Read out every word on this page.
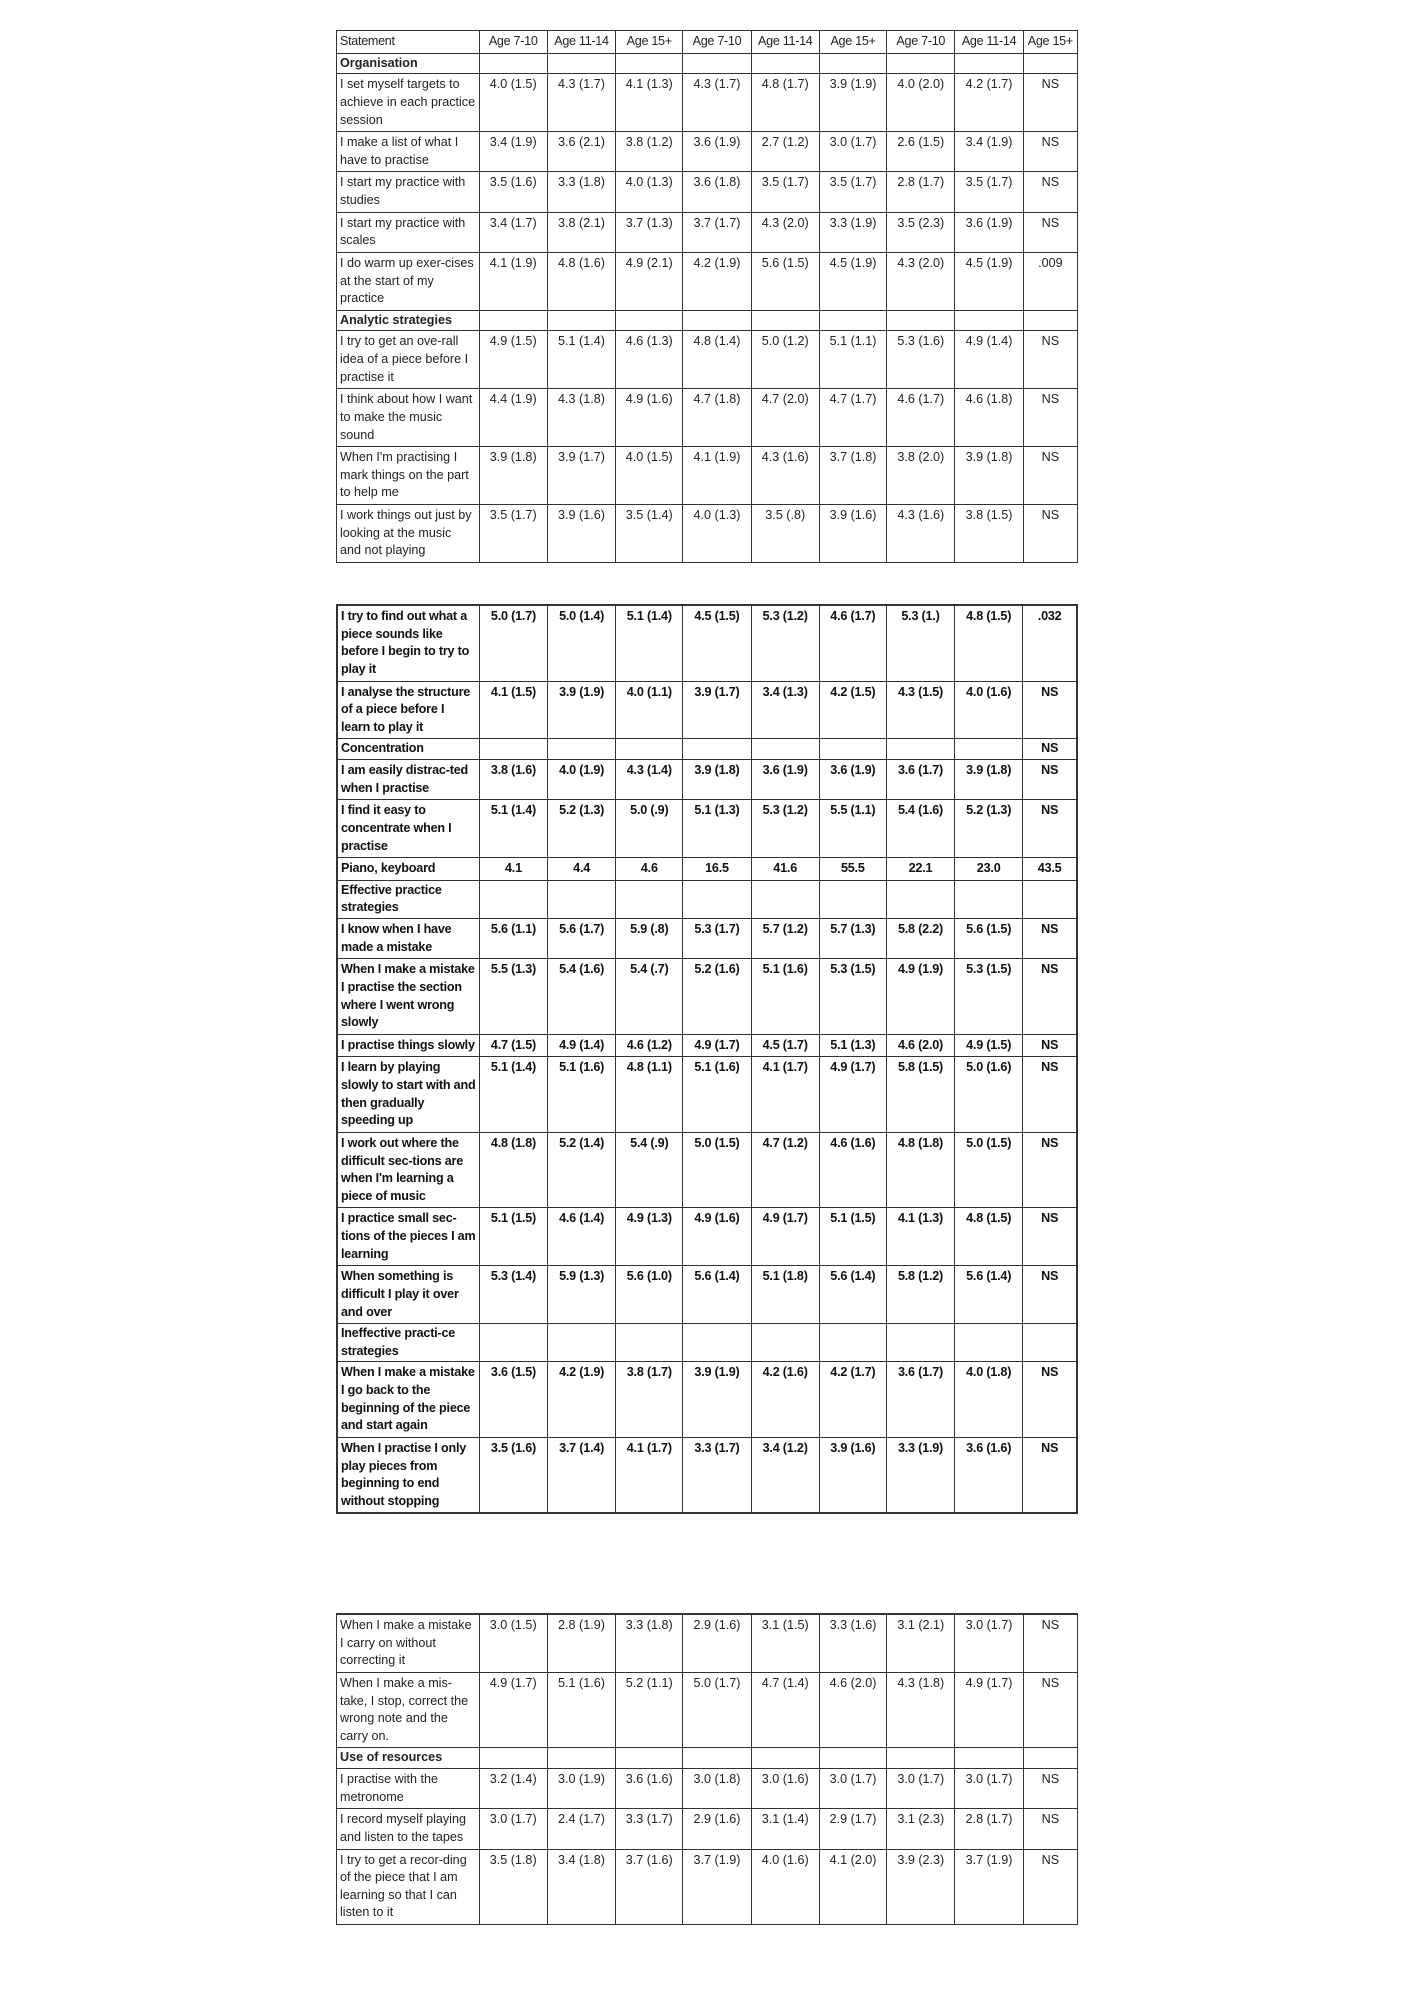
Statement	Age 7-10	Age 11-14	Age 15+	Age 7-10	Age 11-14	Age 15+	Age 7-10	Age 11-14	Age 15+
Organisation									
I set myself targets to achieve in each practice session	4.0 (1.5)	4.3 (1.7)	4.1 (1.3)	4.3 (1.7)	4.8 (1.7)	3.9 (1.9)	4.0 (2.0)	4.2 (1.7)	NS
I make a list of what I have to practise	3.4 (1.9)	3.6 (2.1)	3.8 (1.2)	3.6 (1.9)	2.7 (1.2)	3.0 (1.7)	2.6 (1.5)	3.4 (1.9)	NS
I start my practice with studies	3.5 (1.6)	3.3 (1.8)	4.0 (1.3)	3.6 (1.8)	3.5 (1.7)	3.5 (1.7)	2.8 (1.7)	3.5 (1.7)	NS
I start my practice with scales	3.4 (1.7)	3.8 (2.1)	3.7 (1.3)	3.7 (1.7)	4.3 (2.0)	3.3 (1.9)	3.5 (2.3)	3.6 (1.9)	NS
I do warm up exer-cises at the start of my practice	4.1 (1.9)	4.8 (1.6)	4.9 (2.1)	4.2 (1.9)	5.6 (1.5)	4.5 (1.9)	4.3 (2.0)	4.5 (1.9)	.009
Analytic strategies									
I try to get an ove-rall idea of a piece before I practise it	4.9 (1.5)	5.1 (1.4)	4.6 (1.3)	4.8 (1.4)	5.0 (1.2)	5.1 (1.1)	5.3 (1.6)	4.9 (1.4)	NS
I think about how I want to make the music sound	4.4 (1.9)	4.3 (1.8)	4.9 (1.6)	4.7 (1.8)	4.7 (2.0)	4.7 (1.7)	4.6 (1.7)	4.6 (1.8)	NS
When I'm practising I mark things on the part to help me	3.9 (1.8)	3.9 (1.7)	4.0 (1.5)	4.1 (1.9)	4.3 (1.6)	3.7 (1.8)	3.8 (2.0)	3.9 (1.8)	NS
I work things out just by looking at the music and not playing	3.5 (1.7)	3.9 (1.6)	3.5 (1.4)	4.0 (1.3)	3.5 (.8)	3.9 (1.6)	4.3 (1.6)	3.8 (1.5)	NS
I try to find out what a piece sounds like before I begin to try to play it	5.0 (1.7)	5.0 (1.4)	5.1 (1.4)	4.5 (1.5)	5.3 (1.2)	4.6 (1.7)	5.3 (1.)	4.8 (1.5)	.032
I analyse the structure of a piece before I learn to play it	4.1 (1.5)	3.9 (1.9)	4.0 (1.1)	3.9 (1.7)	3.4 (1.3)	4.2 (1.5)	4.3 (1.5)	4.0 (1.6)	NS
Concentration									NS
I am easily distrac-ted when I practise	3.8 (1.6)	4.0 (1.9)	4.3 (1.4)	3.9 (1.8)	3.6 (1.9)	3.6 (1.9)	3.6 (1.7)	3.9 (1.8)	NS
I find it easy to concentrate when I practise	5.1 (1.4)	5.2 (1.3)	5.0 (.9)	5.1 (1.3)	5.3 (1.2)	5.5 (1.1)	5.4 (1.6)	5.2 (1.3)	NS
Piano, keyboard	4.1	4.4	4.6	16.5	41.6	55.5	22.1	23.0	43.5
Effective practice strategies									
I know when I have made a mistake	5.6 (1.1)	5.6 (1.7)	5.9 (.8)	5.3 (1.7)	5.7 (1.2)	5.7 (1.3)	5.8 (2.2)	5.6 (1.5)	NS
When I make a mistake I practise the section where I went wrong slowly	5.5 (1.3)	5.4 (1.6)	5.4 (.7)	5.2 (1.6)	5.1 (1.6)	5.3 (1.5)	4.9 (1.9)	5.3 (1.5)	NS
I practise things slowly	4.7 (1.5)	4.9 (1.4)	4.6 (1.2)	4.9 (1.7)	4.5 (1.7)	5.1 (1.3)	4.6 (2.0)	4.9 (1.5)	NS
I learn by playing slowly to start with and then gradually speeding up	5.1 (1.4)	5.1 (1.6)	4.8 (1.1)	5.1 (1.6)	4.1 (1.7)	4.9 (1.7)	5.8 (1.5)	5.0 (1.6)	NS
I work out where the difficult sec-tions are when I'm learning a piece of music	4.8 (1.8)	5.2 (1.4)	5.4 (.9)	5.0 (1.5)	4.7 (1.2)	4.6 (1.6)	4.8 (1.8)	5.0 (1.5)	NS
I practice small sec-tions of the pieces I am learning	5.1 (1.5)	4.6 (1.4)	4.9 (1.3)	4.9 (1.6)	4.9 (1.7)	5.1 (1.5)	4.1 (1.3)	4.8 (1.5)	NS
When something is difficult I play it over and over	5.3 (1.4)	5.9 (1.3)	5.6 (1.0)	5.6 (1.4)	5.1 (1.8)	5.6 (1.4)	5.8 (1.2)	5.6 (1.4)	NS
Ineffective practi-ce strategies									
When I make a mistake I go back to the beginning of the piece and start again	3.6 (1.5)	4.2 (1.9)	3.8 (1.7)	3.9 (1.9)	4.2 (1.6)	4.2 (1.7)	3.6 (1.7)	4.0 (1.8)	NS
When I practise I only play pieces from beginning to end without stopping	3.5 (1.6)	3.7 (1.4)	4.1 (1.7)	3.3 (1.7)	3.4 (1.2)	3.9 (1.6)	3.3 (1.9)	3.6 (1.6)	NS
When I make a mistake I carry on without correcting it	3.0 (1.5)	2.8 (1.9)	3.3 (1.8)	2.9 (1.6)	3.1 (1.5)	3.3 (1.6)	3.1 (2.1)	3.0 (1.7)	NS
When I make a mis-take, I stop, correct the wrong note and the carry on.	4.9 (1.7)	5.1 (1.6)	5.2 (1.1)	5.0 (1.7)	4.7 (1.4)	4.6 (2.0)	4.3 (1.8)	4.9 (1.7)	NS
Use of resources									
I practise with the metronome	3.2 (1.4)	3.0 (1.9)	3.6 (1.6)	3.0 (1.8)	3.0 (1.6)	3.0 (1.7)	3.0 (1.7)	3.0 (1.7)	NS
I record myself playing and listen to the tapes	3.0 (1.7)	2.4 (1.7)	3.3 (1.7)	2.9 (1.6)	3.1 (1.4)	2.9 (1.7)	3.1 (2.3)	2.8 (1.7)	NS
I try to get a recor-ding of the piece that I am learning so that I can listen to it	3.5 (1.8)	3.4 (1.8)	3.7 (1.6)	3.7 (1.9)	4.0 (1.6)	4.1 (2.0)	3.9 (2.3)	3.7 (1.9)	NS
